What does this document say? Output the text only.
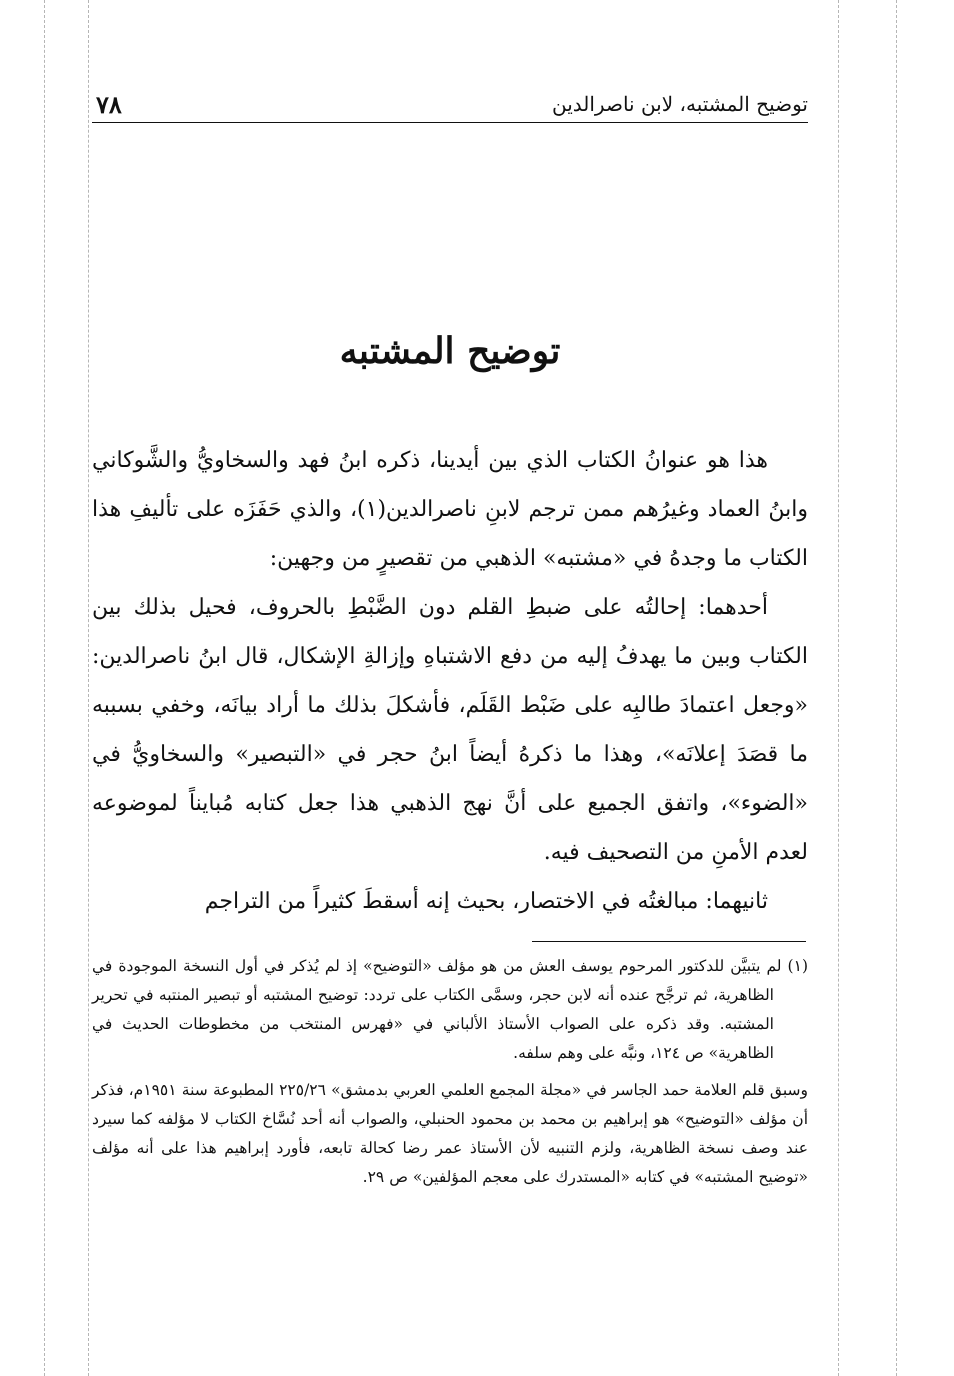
٧٨	توضيح المشتبه، لابن ناصرالدين
توضيح المشتبه

هذا هو عنوانُ الكتاب الذي بين أيدينا، ذكره ابنُ فهد والسخاويُّ والشَّوكاني وابنُ العماد وغيرُهم ممن ترجم لابنِ ناصرالدين(١)، والذي حَفَزَه على تأليفِ هذا الكتاب ما وجدهُ في «مشتبه» الذهبي من تقصيرٍ من وجهين:

أحدهما: إحالتُه على ضبطِ القلم دون الضَّبْطِ بالحروف، فحيل بذلك بين الكتاب وبين ما يهدفُ إليه من دفع الاشتباهِ وإزالةِ الإشكال، قال ابنُ ناصرالدين: «وجعل اعتمادَ طالبِه على ضَبْط القَلَم، فأشكلَ بذلك ما أراد بيانَه، وخفي بسببه ما قصَدَ إعلانَه»، وهذا ما ذكرهُ أيضاً ابنُ حجر في «التبصير» والسخاويُّ في «الضوء»، واتفق الجميع على أنَّ نهج الذهبي هذا جعل كتابه مُبايناً لموضوعه لعدم الأمنِ من التصحيف فيه.

ثانيهما: مبالغتُه في الاختصار، بحيث إنه أسقطَ كثيراً من التراجم

(١) لم يتبيَّن للدكتور المرحوم يوسف العش من هو مؤلف «التوضيح» إذ لم يُذكر في أول النسخة الموجودة في الظاهرية، ثم ترجَّح عنده أنه لابن حجر، وسمَّى الكتاب على تردد: توضيح المشتبه أو تبصير المنتبه في تحرير المشتبه. وقد ذكره على الصواب الأستاذ الألباني في «فهرس المنتخب من مخطوطات الحديث في الظاهرية» ص ١٢٤، ونبَّه على وهم سلفه.

وسبق قلم العلامة حمد الجاسر في «مجلة المجمع العلمي العربي بدمشق» ٢٢٥/٢٦ المطبوعة سنة ١٩٥١م، فذكر أن مؤلف «التوضيح» هو إبراهيم بن محمد بن محمود الحنبلي، والصواب أنه أحد نُسَّاخ الكتاب لا مؤلفه كما سيرد عند وصف نسخة الظاهرية، ولزم التنبيه لأن الأستاذ عمر رضا كحالة تابعه، فأورد إبراهيم هذا على أنه مؤلف «توضيح المشتبه» في كتابه «المستدرك على معجم المؤلفين» ص ٢٩.
